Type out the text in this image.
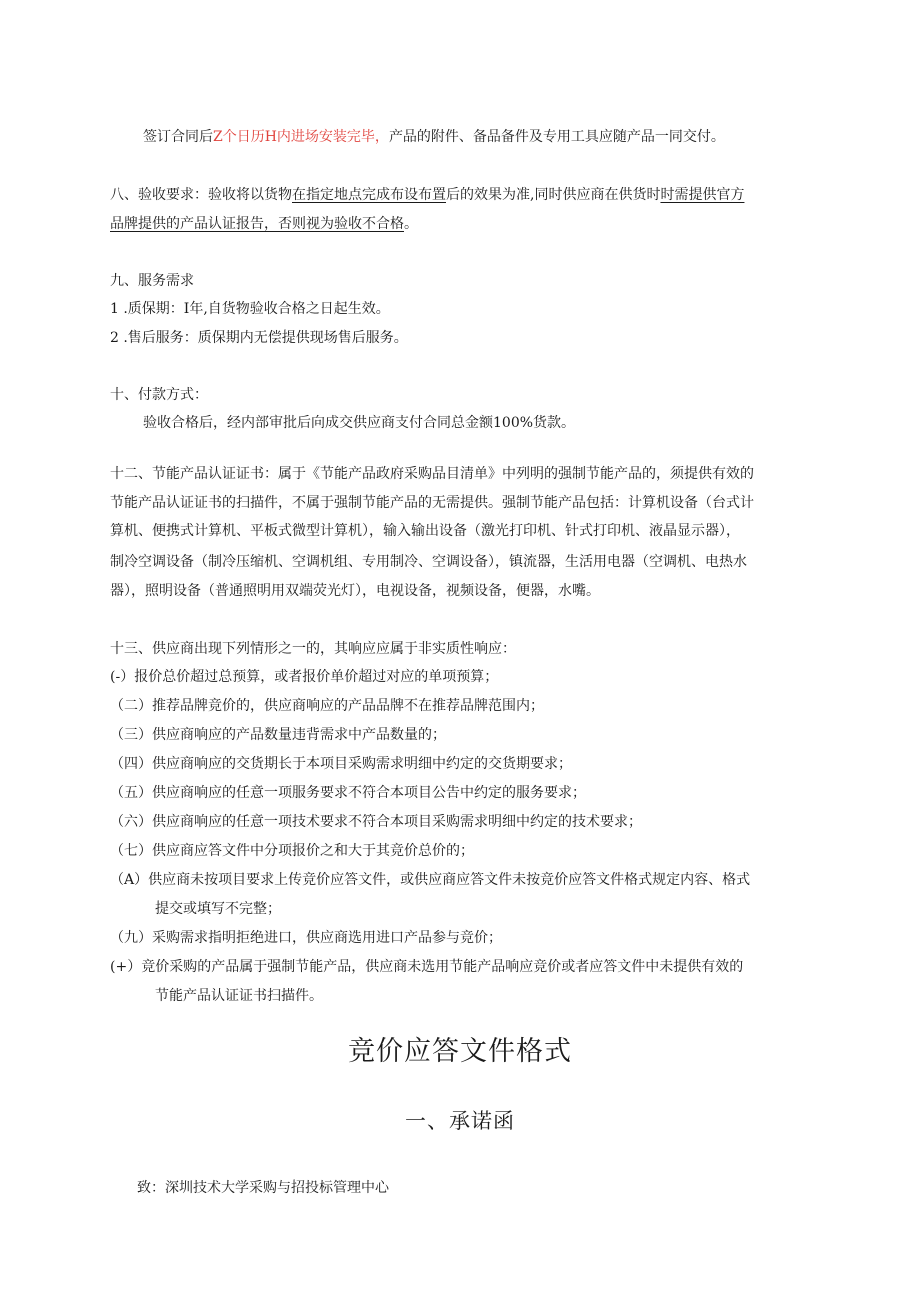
签订合同后Z个日历H内进场安装完毕，产品的附件、备品备件及专用工具应随产品一同交付。
八、验收要求：验收将以货物在指定地点完成布设布置后的效果为准,同时供应商在供货时时需提供官方
品牌提供的产品认证报告，否则视为验收不合格。
九、服务需求
1 .质保期：I年,自货物验收合格之日起生效。
2 .售后服务：质保期内无偿提供现场售后服务。
十、付款方式：
验收合格后，经内部审批后向成交供应商支付合同总金额100%货款。
十二、节能产品认证证书：属于《节能产品政府采购品目清单》中列明的强制节能产品的，须提供有效的
节能产品认证证书的扫描件，不属于强制节能产品的无需提供。强制节能产品包括：计算机设备（台式计
算机、便携式计算机、平板式微型计算机），输入输出设备（激光打印机、针式打印机、液晶显示器），
制冷空调设备（制冷压缩机、空调机组、专用制冷、空调设备），镇流器，生活用电器（空调机、电热水
器），照明设备（普通照明用双端荧光灯），电视设备，视频设备，便器，水嘴。
十三、供应商出现下列情形之一的，其响应应属于非实质性响应：
(-）报价总价超过总预算，或者报价单价超过对应的单项预算；
（二）推荐品牌竞价的，供应商响应的产品品牌不在推荐品牌范围内；
（三）供应商响应的产品数量违背需求中产品数量的；
（四）供应商响应的交货期长于本项目采购需求明细中约定的交货期要求；
（五）供应商响应的任意一项服务要求不符合本项目公告中约定的服务要求；
（六）供应商响应的任意一项技术要求不符合本项目采购需求明细中约定的技术要求；
（七）供应商应答文件中分项报价之和大于其竞价总价的；
（A）供应商未按项目要求上传竞价应答文件，或供应商应答文件未按竞价应答文件格式规定内容、格式
提交或填写不完整；
（九）采购需求指明拒绝进口，供应商选用进口产品参与竞价；
(+）竞价采购的产品属于强制节能产品，供应商未选用节能产品响应竞价或者应答文件中未提供有效的
节能产品认证证书扫描件。
竞价应答文件格式
一、承诺函
致：深圳技术大学采购与招投标管理中心
